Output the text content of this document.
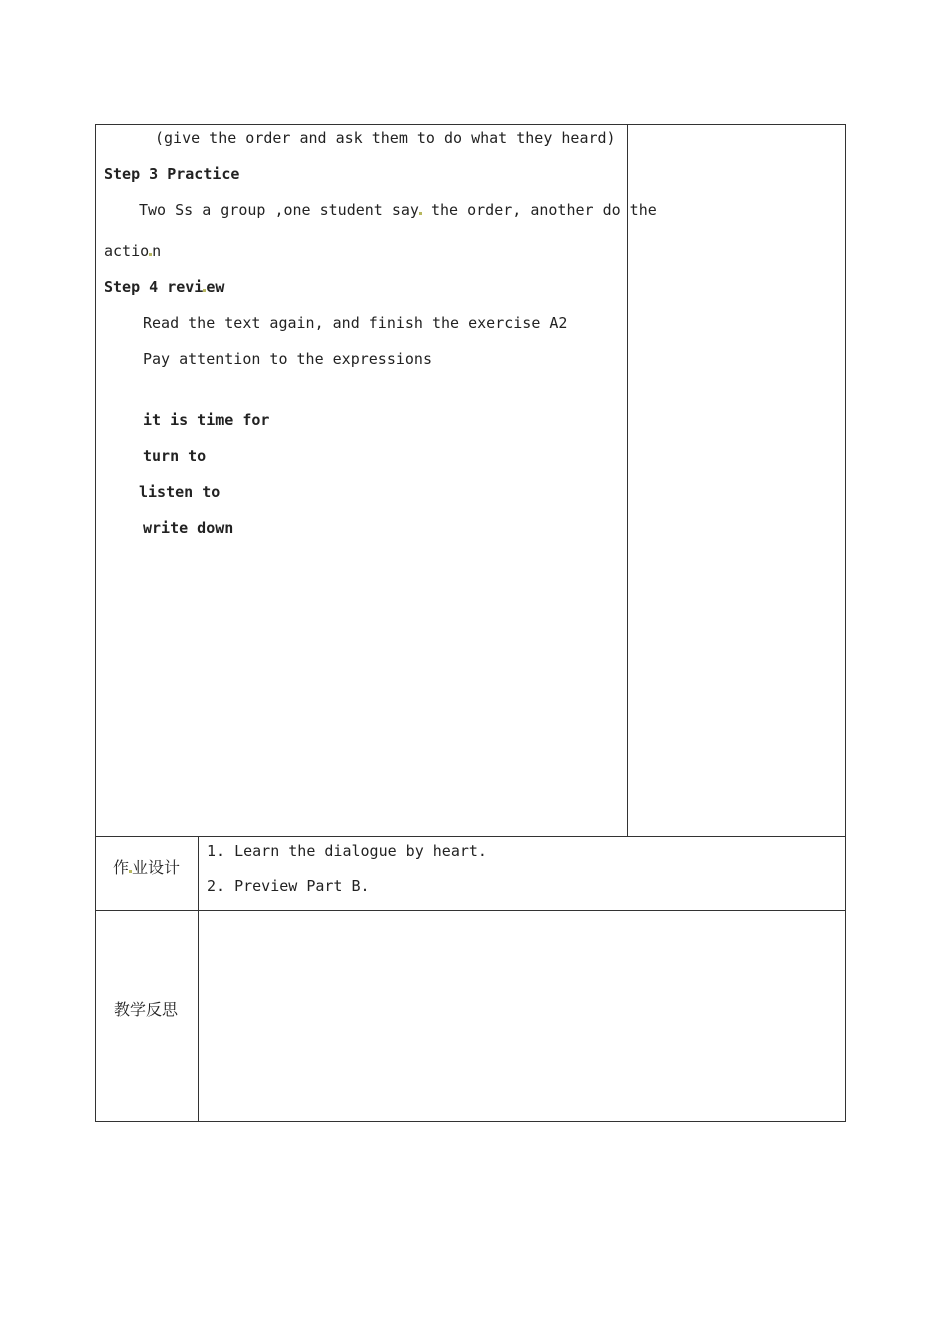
(give the order and ask them to do what they heard)
Step 3 Practice
Two Ss a group ,one student say the order, another do the
actio n
Step 4 revi ew
Read the text again, and finish the exercise A2
Pay attention to the expressions
it is time for
turn to
listen to
write down
作 业设计
1. Learn the dialogue by heart.
2. Preview Part B.
教学反思
